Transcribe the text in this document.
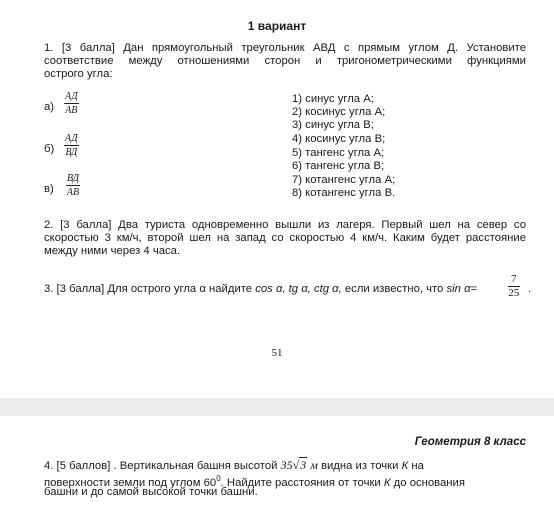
1 вариант
1. [3 балла] Дан прямоугольный треугольник АВД с прямым углом Д. Установите
соответствие между отношениями сторон и тригонометрическими функциями
острого угла:
а)
АД
АВ
б)
АД
ВД
в)
ВД
АВ
1) синус угла А;
2) косинус угла А;
3) синус угла В;
4) косинус угла В;
5) тангенс угла А;
6) тангенс угла В;
7) котангенс угла А;
8) котангенс угла В.
2. [3 балла] Два туриста одновременно вышли из лагеря. Первый шел на север со
скоростью 3 км/ч, второй шел на запад со скоростью 4 км/ч. Каким будет расстояние
между ними через 4 часа.
3. [3 балла] Для острого угла α найдите cos α, tg α, ctg α, если известно, что sin α=	$\frac{7}{25}$ .
51
Геометрия 8 класс
4. [5 баллов] . Вертикальная башня высотой 35√3 м видна из точки К на
поверхности земли под углом $60^0$. Найдите расстояния от точки К до основания
башни и до самой высокой точки башни.
